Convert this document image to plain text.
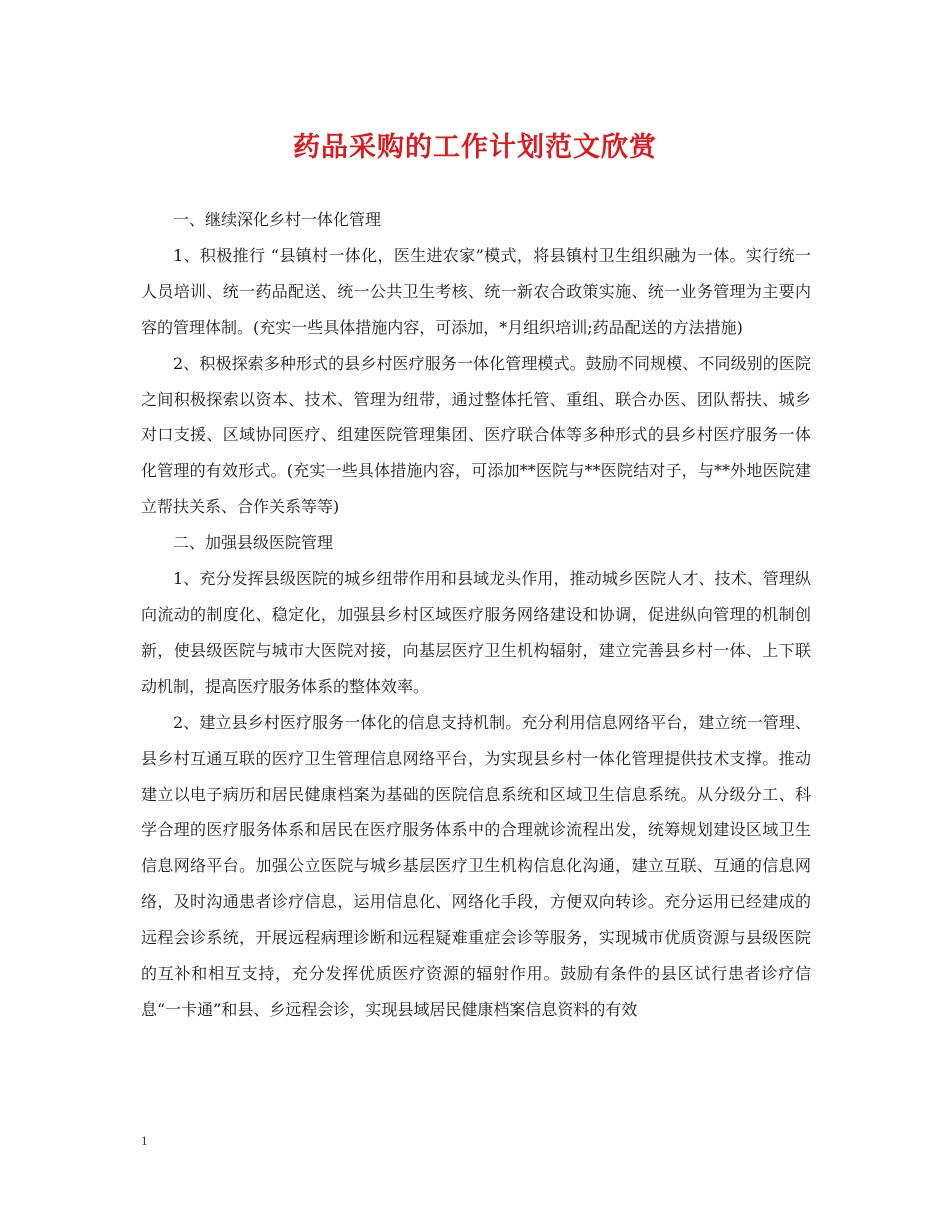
药品采购的工作计划范文欣赏

一、继续深化乡村一体化管理

1、积极推行 “县镇村一体化，医生进农家”模式，将县镇村卫生组织融为一体。实行统一人员培训、统一药品配送、统一公共卫生考核、统一新农合政策实施、统一业务管理为主要内容的管理体制。(充实一些具体措施内容，可添加，*月组织培训;药品配送的方法措施)

2、积极探索多种形式的县乡村医疗服务一体化管理模式。鼓励不同规模、不同级别的医院之间积极探索以资本、技术、管理为纽带，通过整体托管、重组、联合办医、团队帮扶、城乡对口支援、区域协同医疗、组建医院管理集团、医疗联合体等多种形式的县乡村医疗服务一体化管理的有效形式。(充实一些具体措施内容，可添加**医院与**医院结对子，与**外地医院建立帮扶关系、合作关系等等)

二、加强县级医院管理

1、充分发挥县级医院的城乡纽带作用和县域龙头作用，推动城乡医院人才、技术、管理纵向流动的制度化、稳定化，加强县乡村区域医疗服务网络建设和协调，促进纵向管理的机制创新，使县级医院与城市大医院对接，向基层医疗卫生机构辐射，建立完善县乡村一体、上下联动机制，提高医疗服务体系的整体效率。

2、建立县乡村医疗服务一体化的信息支持机制。充分利用信息网络平台，建立统一管理、县乡村互通互联的医疗卫生管理信息网络平台，为实现县乡村一体化管理提供技术支撑。推动建立以电子病历和居民健康档案为基础的医院信息系统和区域卫生信息系统。从分级分工、科学合理的医疗服务体系和居民在医疗服务体系中的合理就诊流程出发，统筹规划建设区域卫生信息网络平台。加强公立医院与城乡基层医疗卫生机构信息化沟通，建立互联、互通的信息网络，及时沟通患者诊疗信息，运用信息化、网络化手段，方便双向转诊。充分运用已经建成的远程会诊系统，开展远程病理诊断和远程疑难重症会诊等服务，实现城市优质资源与县级医院的互补和相互支持，充分发挥优质医疗资源的辐射作用。鼓励有条件的县区试行患者诊疗信息“一卡通”和县、乡远程会诊，实现县域居民健康档案信息资料的有效

1
